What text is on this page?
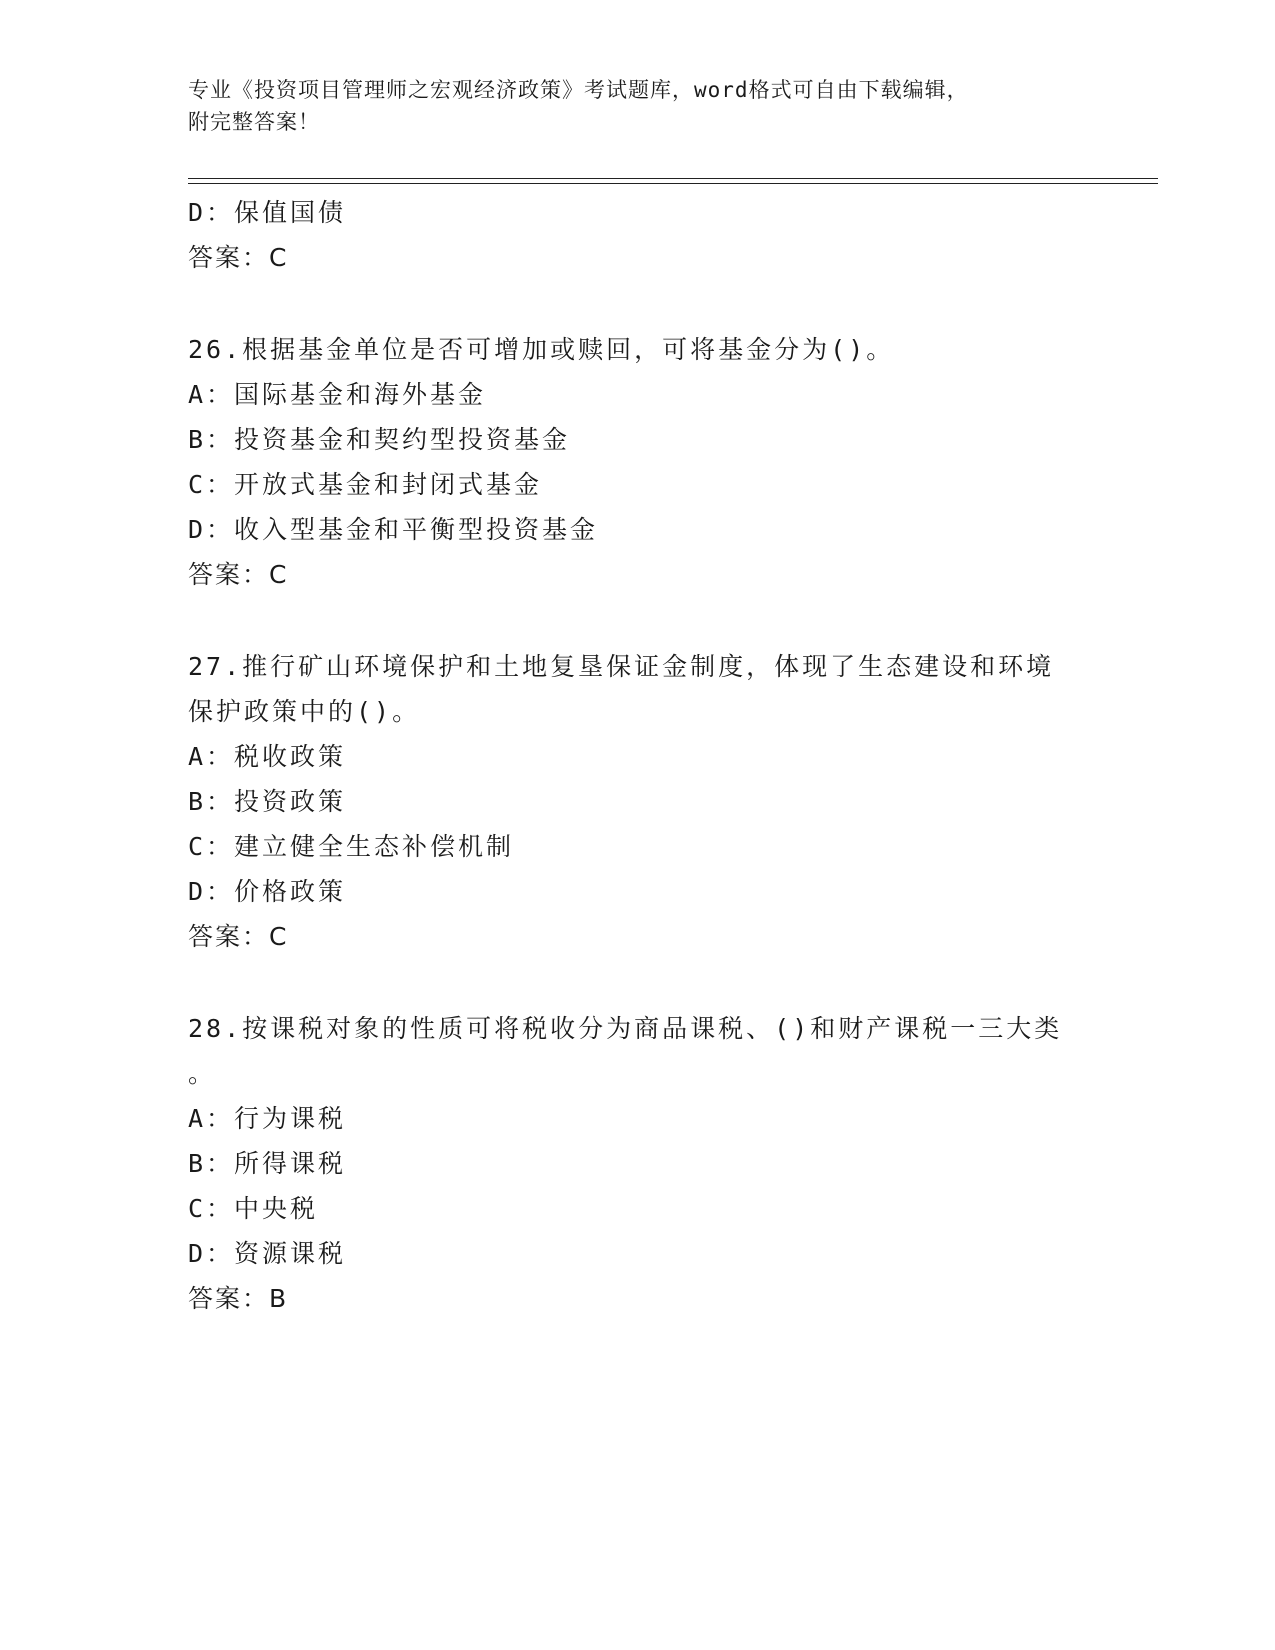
专业《投资项目管理师之宏观经济政策》考试题库，word格式可自由下载编辑，
附完整答案！
D：保值国债
答案：C
26.根据基金单位是否可增加或赎回，可将基金分为()。
A：国际基金和海外基金
B：投资基金和契约型投资基金
C：开放式基金和封闭式基金
D：收入型基金和平衡型投资基金
答案：C
27.推行矿山环境保护和土地复垦保证金制度，体现了生态建设和环境
保护政策中的()。
A：税收政策
B：投资政策
C：建立健全生态补偿机制
D：价格政策
答案：C
28.按课税对象的性质可将税收分为商品课税、()和财产课税一三大类
。
A：行为课税
B：所得课税
C：中央税
D：资源课税
答案：B
